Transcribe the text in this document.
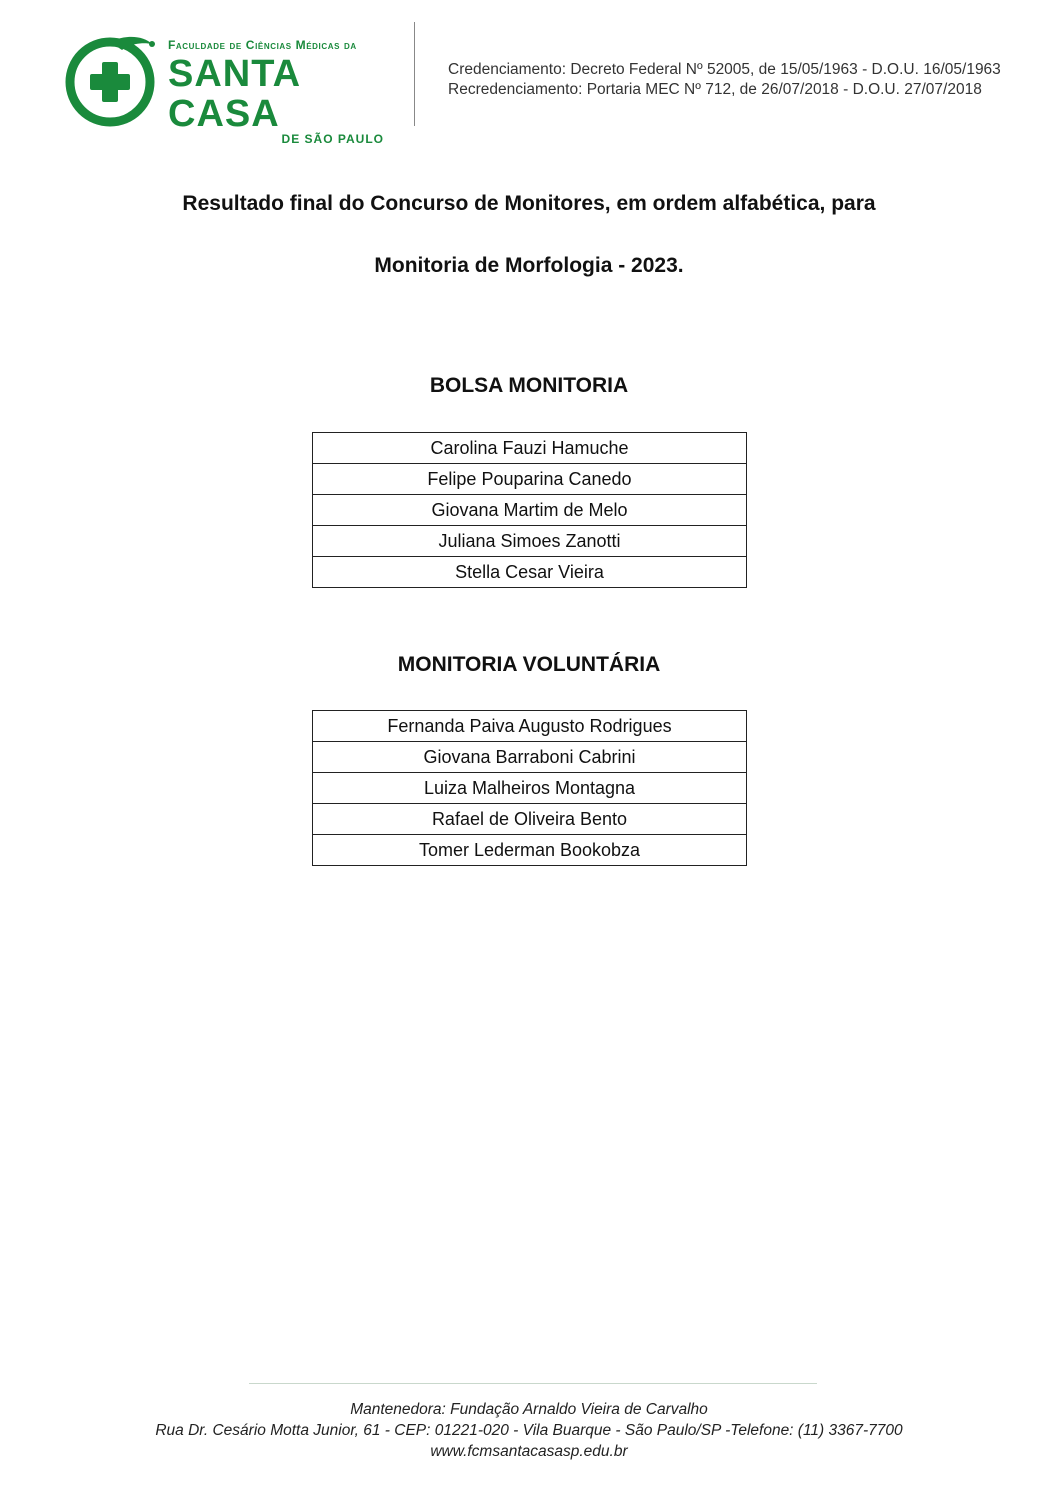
Faculdade de Ciências Médicas da
SANTA CASA
DE SÃO PAULO
Credenciamento: Decreto Federal Nº 52005, de 15/05/1963 - D.O.U. 16/05/1963
Recredenciamento: Portaria MEC Nº 712, de 26/07/2018 - D.O.U. 27/07/2018
Resultado final do Concurso de Monitores, em ordem alfabética, para
Monitoria de Morfologia - 2023.
BOLSA MONITORIA
Carolina Fauzi Hamuche
Felipe Pouparina Canedo
Giovana Martim de Melo
Juliana Simoes Zanotti
Stella Cesar Vieira
MONITORIA VOLUNTÁRIA
Fernanda Paiva Augusto Rodrigues
Giovana Barraboni Cabrini
Luiza Malheiros Montagna
Rafael de Oliveira Bento
Tomer Lederman Bookobza
Mantenedora: Fundação Arnaldo Vieira de Carvalho
Rua Dr. Cesário Motta Junior, 61 - CEP: 01221-020 - Vila Buarque - São Paulo/SP -Telefone: (11) 3367-7700
www.fcmsantacasasp.edu.br
